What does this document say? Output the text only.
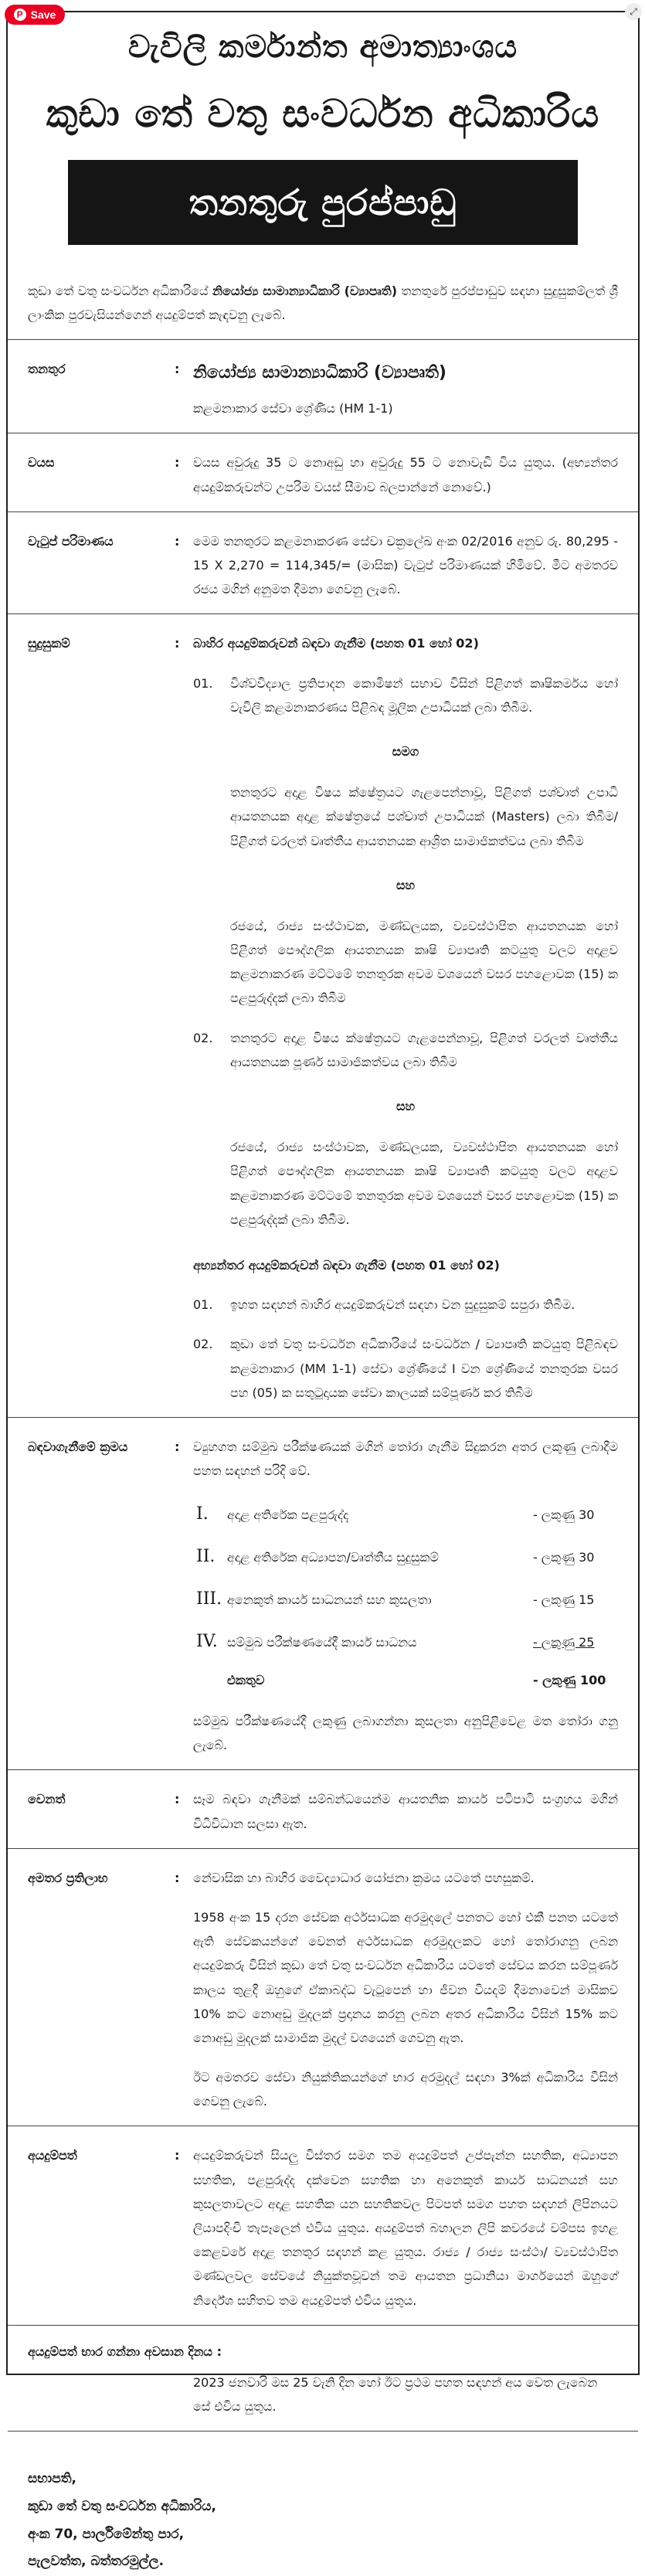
P Save	⤢
වැවිලි කර්මාන්ත අමාත්‍යාංශය
කුඩා තේ වතු සංවර්ධන අධිකාරිය
තනතුරු පුරප්පාඩු
කුඩා තේ වතු සංවර්ධන අධිකාරියේ නියෝජ්‍ය සාමාන්‍යාධිකාරි (ව්‍යාපෘති) තනතුරේ පුරප්පාඩුව සඳහා සුදුසුකම්ලත් ශ්‍රී ලාංකික පුරවැසියන්ගෙන් අයදුම්පත් කැඳවනු ලැබේ.
තනතුර	: නියෝජ්‍ය සාමාන්‍යාධිකාරි (ව්‍යාපෘති)
කළමනාකාර සේවා ශ්‍රේණිය (HM 1-1)
වයස	:	වයස අවුරුදු 35 ට නොඅඩු හා අවුරුදු 55 ට නොවැඩි විය යුතුය. (අභ්‍යන්තර අයදුම්කරුවන්ට උපරිම වයස් සීමාව බලපාන්නේ නොවේ.)
වැටුප් පරිමාණය	:	මෙම තනතුරට කළමනාකරණ සේවා චක්‍රලේඛ අංක 02/2016 අනුව රු. 80,295 - 15 X 2,270 = 114,345/= (මාසික) වැටුප් පරිමාණයක් හිමිවේ. මීට අමතරව රජය මගින් අනුමත දීමනා ගෙවනු ලැබේ.
සුදුසුකම්	:	බාහිර අයදුම්කරුවන් බඳවා ගැනීම (පහත 01 හෝ 02)
01.	විශ්වවිද්‍යාල ප්‍රතිපාදන කොමිෂන් සභාව විසින් පිළිගත් කෘෂිකර්මය හෝ වැවිලි කළමනාකරණය පිළිබඳ මූලික උපාධියක් ලබා තිබීම.
සමග
තනතුරට අදාළ විෂය ක්ෂේත්‍රයට ගැළපෙන්නාවූ, පිළිගත් පශ්චාත් උපාධි ආයතනයක අදාළ ක්ෂේත්‍රයේ පශ්චාත් උපාධියක් (Masters) ලබා තිබීම/ පිළිගත් වරලත් වෘත්තීය ආයතනයක ආශ්‍රිත සාමාජිකත්වය ලබා තිබීම
සහ
රජයේ, රාජ්‍ය සංස්ථාවක, මණ්ඩලයක, ව්‍යවස්ථාපිත ආයතනයක හෝ පිළිගත් පෞද්ගලික ආයතනයක කෘෂි ව්‍යාපෘති කටයුතු වලට අදාළව කළමනාකරණ මට්ටමේ තනතුරක අවම වශයෙන් වසර පහළොවක (15) ක පළපුරුද්දක් ලබා තිබීම
02.	තනතුරට අදාළ විෂය ක්ෂේත්‍රයට ගැළපෙන්නාවූ, පිළිගත් වරලත් වෘත්තීය ආයතනයක පූර්ණ සාමාජිකත්වය ලබා තිබීම
සහ
රජයේ, රාජ්‍ය සංස්ථාවක, මණ්ඩලයක, ව්‍යවස්ථාපිත ආයතනයක හෝ පිළිගත් පෞද්ගලික ආයතනයක කෘෂි ව්‍යාපෘති කටයුතු වලට අදාළව කළමනාකරණ මට්ටමේ තනතුරක අවම වශයෙන් වසර පහළොවක (15) ක පළපුරුද්දක් ලබා තිබීම.
අභ්‍යන්තර අයදුම්කරුවන් බඳවා ගැනීම (පහත 01 හෝ 02)
01.	ඉහත සඳහන් බාහිර අයදුම්කරුවන් සඳහා වන සුදුසුකම් සපුරා තිබීම.
02.	කුඩා තේ වතු සංවර්ධන අධිකාරියේ සංවර්ධන / ව්‍යාපෘති කටයුතු පිළිබඳව කළමනාකාර (MM 1-1) සේවා ශ්‍රේණියේ I වන ශ්‍රේණියේ තනතුරක වසර පහ (05) ක සතුටුදායක සේවා කාලයක් සම්පූර්ණ කර තිබීම
බඳවාගැනීමේ ක්‍රමය	:	ව්‍යුහගත සම්මුඛ පරීක්ෂණයක් මගින් තෝරා ගැනීම සිදුකරන අතර ලකුණු ලබාදීම පහත සඳහන් පරිදි වේ.
I.	අදාළ අතිරේක පළපුරුද්ද	- ලකුණු 30
II. අදාළ අතිරේක අධ්‍යාපන/වෘත්තීය සුදුසුකම්	- ලකුණු 30
III. අනෙකුත් කාර්ය සාධනයන් සහ කුසලතා	- ලකුණු 15
IV. සම්මුඛ පරීක්ෂණයේදී කාර්ය සාධනය	- ලකුණු 25
එකතුව	- ලකුණු 100
සම්මුඛ පරීක්ෂණයේදී ලකුණු ලබාගන්නා කුසලතා අනුපිළිවෙළ මත තෝරා ගනු ලැබේ.
වෙනත්	:	සෑම බඳවා ගැනීමක් සම්බන්ධයෙන්ම ආයතනික කාර්ය පටිපාටි සංග්‍රහය මගින් විධිවිධාන සලසා ඇත.
අමතර ප්‍රතිලාභ	:	නේවාසික හා බාහිර වෛද්‍යාධාර යෝජනා ක්‍රමය යටතේ පහසුකම්.
1958 අංක 15 දරන සේවක අර්ථසාධක අරමුදලේ පනතට හෝ එකී පනත යටතේ ඇති සේවකයන්ගේ වෙනත් අර්ථසාධක අරමුදලකට හෝ තෝරාගනු ලබන අයදුම්කරු විසින් කුඩා තේ වතු සංවර්ධන අධිකාරිය යටතේ සේවය කරන සම්පූර්ණ කාලය තුළදී ඔහුගේ ඒකාබද්ධ වැටුපෙන් හා ජීවන වියදම් දීමනාවෙන් මාසිකව 10% කට නොඅඩු මුදලක් ප්‍රදානය කරනු ලබන අතර අධිකාරිය විසින් 15% කට නොඅඩු මුදලක් සාමාජික මුදල් වශයෙන් ගෙවනු ඇත.
ඊට අමතරව සේවා නියුක්තිකයන්ගේ භාර අරමුදල් සඳහා 3%ක් අධිකාරිය විසින් ගෙවනු ලැබේ.
අයදුම්පත්	:	අයදුම්කරුවන් සියලු විස්තර සමග තම අයදුම්පත් උප්පැන්න සහතික, අධ්‍යාපන සහතික, පළපුරුද්ද දක්වෙන සහතික හා අනෙකුත් කාර්ය සාධනයන් සහ කුසලතාවලට අදාළ සහතික යන සහතිකවල පිටපත් සමග පහත සඳහන් ලිපිනයට ලියාපදිංචි තැපෑලෙන් එවිය යුතුය. අයදුම්පත් බහාලන ලිපි කවරයේ වම්පස ඉහළ කෙළවරේ අදාළ තනතුර සඳහන් කළ යුතුය. රාජ්‍ය / රාජ්‍ය සංස්ථා/ ව්‍යවස්ථාපිත මණ්ඩලවල සේවයේ නියුක්තවූවන් තම ආයතන ප්‍රධානියා මාර්ගයෙන් ඔහුගේ නිර්දේශ සහිතව තම අයදුම්පත් එවිය යුතුය.
අයදුම්පත් භාර ගන්නා අවසාන දිනය :
2023 ජනවාරි මස 25 වැනි දින හෝ ඊට ප්‍රථම පහත සඳහන් අය වෙත ලැබෙන සේ එවිය යුතුය.
සභාපති,
කුඩා තේ වතු සංවර්ධන අධිකාරිය,
අංක 70, පාර්ලිමේන්තු පාර,
පැලවත්ත, බත්තරමුල්ල.
